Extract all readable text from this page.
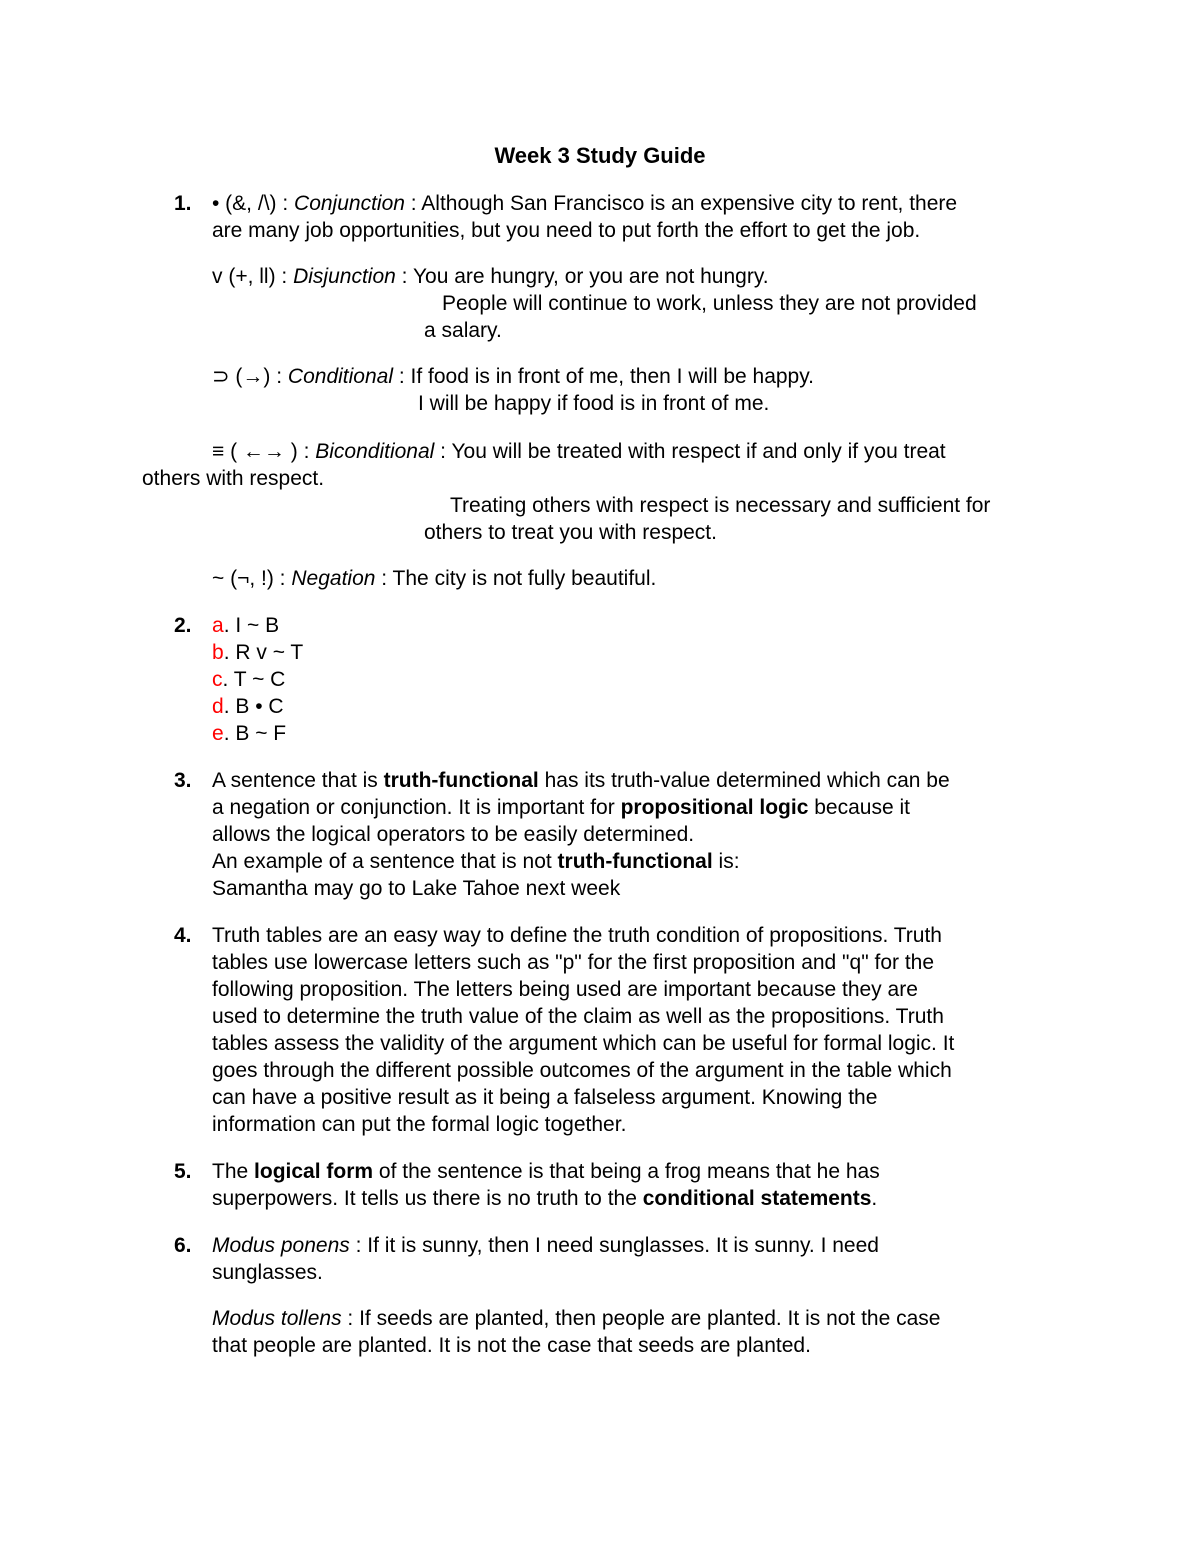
Week 3 Study Guide
1. • (&, /\) : Conjunction : Although San Francisco is an expensive city to rent, there
are many job opportunities, but you need to put forth the effort to get the job.
v (+, ll) : Disjunction : You are hungry, or you are not hungry.
People will continue to work, unless they are not provided
a salary.
⊃ (→) : Conditional : If food is in front of me, then I will be happy.
I will be happy if food is in front of me.
≡ ( ←→ ) : Biconditional : You will be treated with respect if and only if you treat
others with respect.
Treating others with respect is necessary and sufficient for
others to treat you with respect.
~ (¬, !) : Negation : The city is not fully beautiful.
2. a. I ~ B
b. R v ~ T
c. T ~ C
d. B • C
e. B ~ F
3. A sentence that is truth-functional has its truth-value determined which can be
a negation or conjunction. It is important for propositional logic because it
allows the logical operators to be easily determined.
An example of a sentence that is not truth-functional is:
Samantha may go to Lake Tahoe next week
4. Truth tables are an easy way to define the truth condition of propositions. Truth
tables use lowercase letters such as "p" for the first proposition and "q" for the
following proposition. The letters being used are important because they are
used to determine the truth value of the claim as well as the propositions. Truth
tables assess the validity of the argument which can be useful for formal logic. It
goes through the different possible outcomes of the argument in the table which
can have a positive result as it being a falseless argument. Knowing the
information can put the formal logic together.
5. The logical form of the sentence is that being a frog means that he has
superpowers. It tells us there is no truth to the conditional statements.
6. Modus ponens : If it is sunny, then I need sunglasses. It is sunny. I need
sunglasses.
Modus tollens : If seeds are planted, then people are planted. It is not the case
that people are planted. It is not the case that seeds are planted.
